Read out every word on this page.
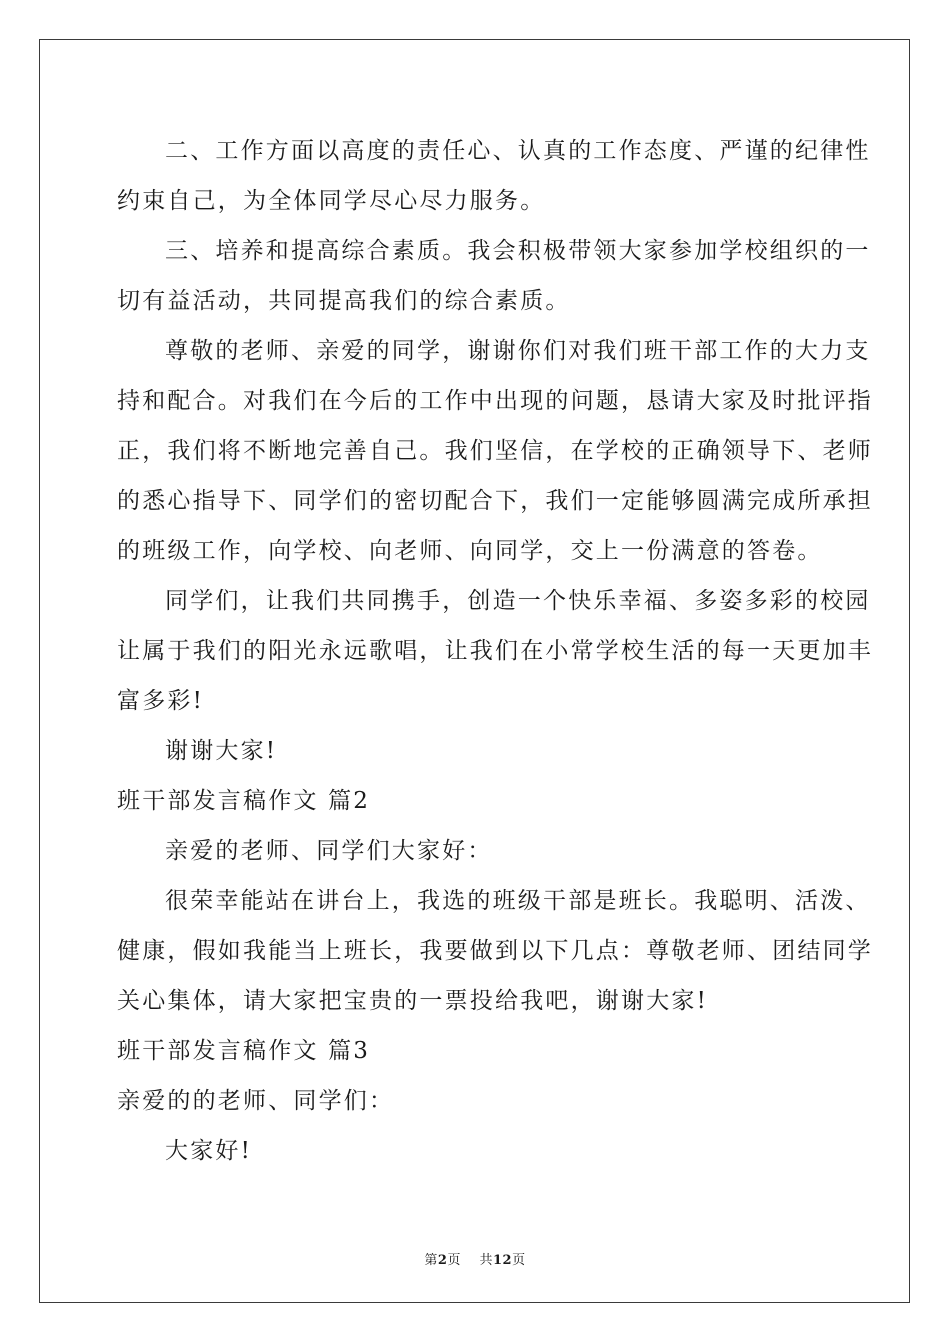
二、工作方面以高度的责任心、认真的工作态度、严谨的纪律性
约束自己，为全体同学尽心尽力服务。
三、培养和提高综合素质。我会积极带领大家参加学校组织的一
切有益活动，共同提高我们的综合素质。
尊敬的老师、亲爱的同学，谢谢你们对我们班干部工作的大力支
持和配合。对我们在今后的工作中出现的问题，恳请大家及时批评指
正，我们将不断地完善自己。我们坚信，在学校的正确领导下、老师
的悉心指导下、同学们的密切配合下，我们一定能够圆满完成所承担
的班级工作，向学校、向老师、向同学，交上一份满意的答卷。
同学们，让我们共同携手，创造一个快乐幸福、多姿多彩的校园
让属于我们的阳光永远歌唱，让我们在小常学校生活的每一天更加丰
富多彩!
谢谢大家!
班干部发言稿作文 篇2
亲爱的老师、同学们大家好：
很荣幸能站在讲台上，我选的班级干部是班长。我聪明、活泼、
健康，假如我能当上班长，我要做到以下几点：尊敬老师、团结同学
关心集体，请大家把宝贵的一票投给我吧，谢谢大家!
班干部发言稿作文 篇3
亲爱的的老师、同学们：
大家好!
第2页 共12页
